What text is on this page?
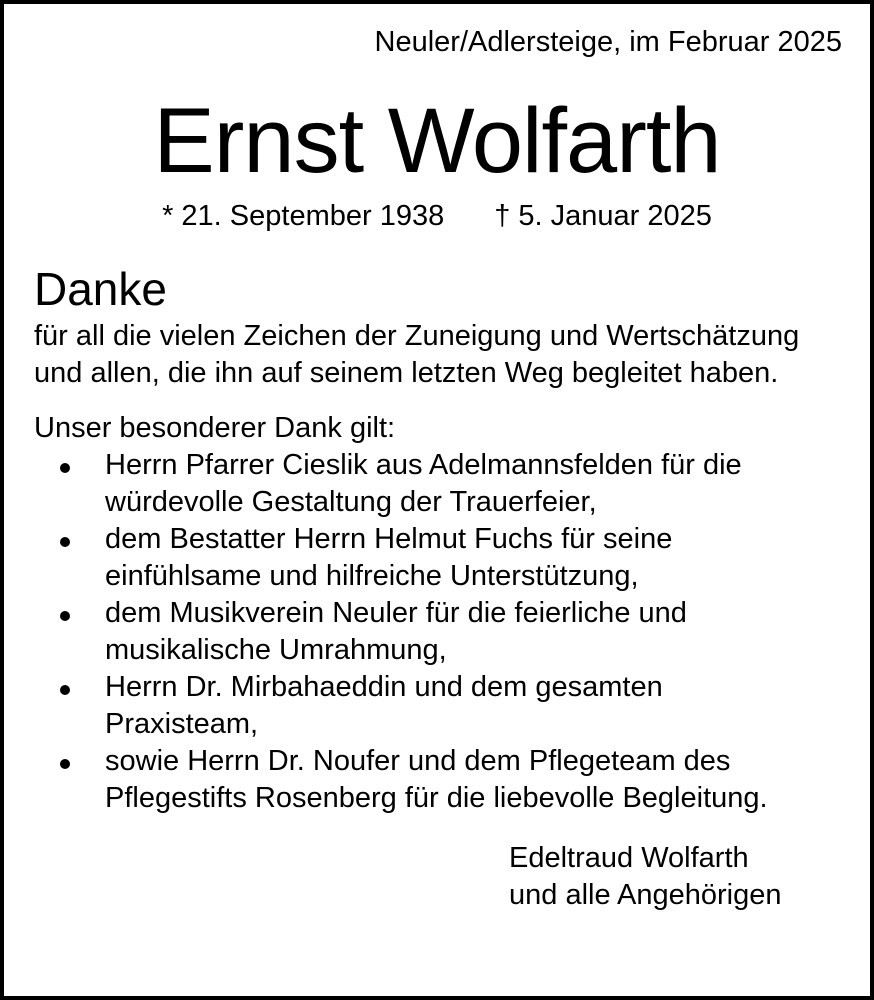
Neuler/Adlersteige, im Februar 2025
Ernst Wolfarth
* 21. September 1938 † 5. Januar 2025
Danke
für all die vielen Zeichen der Zuneigung und Wertschätzung
und allen, die ihn auf seinem letzten Weg begleitet haben.
Unser besonderer Dank gilt:
Herrn Pfarrer Cieslik aus Adelmannsfelden für die
würdevolle Gestaltung der Trauerfeier,
dem Bestatter Herrn Helmut Fuchs für seine
einfühlsame und hilfreiche Unterstützung,
dem Musikverein Neuler für die feierliche und
musikalische Umrahmung,
Herrn Dr. Mirbahaeddin und dem gesamten
Praxisteam,
sowie Herrn Dr. Noufer und dem Pflegeteam des
Pflegestifts Rosenberg für die liebevolle Begleitung.
Edeltraud Wolfarth
und alle Angehörigen
